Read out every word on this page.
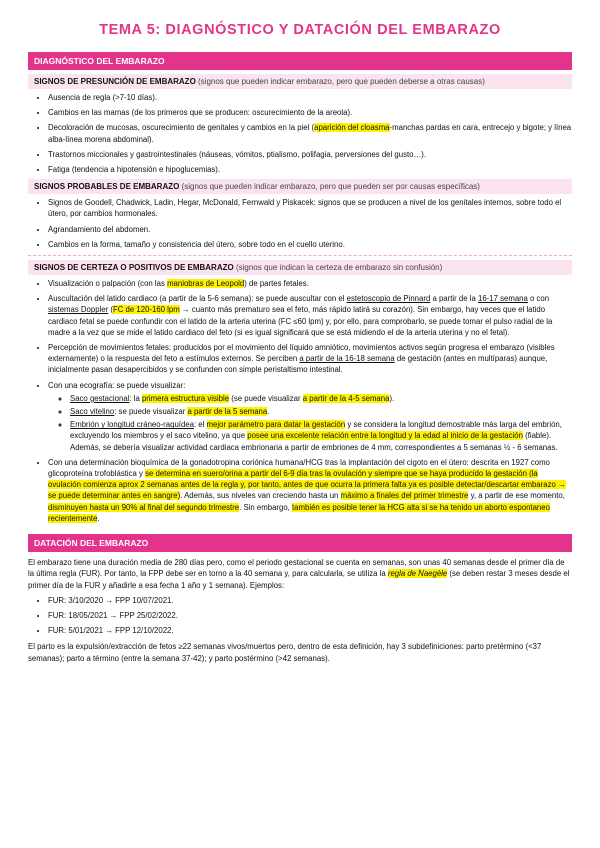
TEMA 5: DIAGNÓSTICO Y DATACIÓN DEL EMBARAZO
DIAGNÓSTICO DEL EMBARAZO
SIGNOS DE PRESUNCIÓN DE EMBARAZO (signos que pueden indicar embarazo, pero que pueden deberse a otras causas)
• Ausencia de regla (>7-10 días).
• Cambios en las mamas (de los primeros que se producen: oscurecimiento de la areola).
• Decoloración de mucosas, oscurecimiento de genitales y cambios en la piel (aparición del cloasma-manchas pardas en cara, entrecejo y bigote; y línea alba-línea morena abdominal).
• Trastornos miccionales y gastrointestinales (náuseas, vómitos, ptialismo, polifagia, perversiones del gusto…).
• Fatiga (tendencia a hipotensión e hipoglucemias).
SIGNOS PROBABLES DE EMBARAZO (signos que pueden indicar embarazo, pero que pueden ser por causas específicas)
• Signos de Goodell, Chadwick, Ladin, Hegar, McDonald, Fernwald y Piskacek: signos que se producen a nivel de los genitales internos, sobre todo el útero, por cambios hormonales.
• Agrandamiento del abdomen.
• Cambios en la forma, tamaño y consistencia del útero, sobre todo en el cuello uterino.
SIGNOS DE CERTEZA O POSITIVOS DE EMBARAZO (signos que indican la certeza de embarazo sin confusión)
• Visualización o palpación (con las maniobras de Leopold) de partes fetales.
• Auscultación del latido cardiaco (a partir de la 5-6 semana): se puede auscultar con el estetoscopio de Pinnard a partir de la 16-17 semana o con sistemas Doppler (FC de 120-160 lpm → cuanto más prematuro sea el feto, más rápido latirá su corazón). Sin embargo, hay veces que el latido cardiaco fetal se puede confundir con el latido de la arteria uterina (FC ≤60 lpm) y, por ello, para comprobarlo, se puede tomar el pulso radial de la madre a la vez que se mide el latido cardiaco del feto (si es igual significará que se está midiendo el de la arteria uterina y no el fetal).
• Percepción de movimientos fetales: producidos por el movimiento del líquido amniótico, movimientos activos según progresa el embarazo (visibles externamente) o la respuesta del feto a estímulos externos. Se perciben a partir de la 16-18 semana de gestación (antes en multíparas) aunque, inicialmente pasan desapercibidos y se confunden con simple peristaltismo intestinal.
• Con una ecografía: se puede visualizar:
◦ Saco gestacional: la primera estructura visible (se puede visualizar a partir de la 4-5 semana).
◦ Saco vitelino: se puede visualizar a partir de la 5 semana.
◦ Embrión y longitud cráneo-raquídea: el mejor parámetro para datar la gestación y se considera la longitud demostrable más larga del embrión, excluyendo los miembros y el saco vitelino, ya que posee una excelente relación entre la longitud y la edad al inicio de la gestación (fiable). Además, se debería visualizar actividad cardiaca embrionaria a partir de embriones de 4 mm, correspondientes a 5 semanas ½ - 6 semanas.
• Con una determinación bioquímica de la gonadotropina coriónica humana/HCG tras la implantación del cigoto en el útero: descrita en 1927 como glicoproteína trofoblástica y se determina en suero/orina a partir del 6-9 día tras la ovulación y siempre que se haya producido la gestación (la ovulación comienza aprox 2 semanas antes de la regla y, por tanto, antes de que ocurra la primera falta ya es posible detectar/descartar embarazo → se puede determinar antes en sangre). Además, sus niveles van creciendo hasta un máximo a finales del primer trimestre y, a partir de ese momento, disminuyen hasta un 90% al final del segundo trimestre. Sin embargo, también es posible tener la HCG alta si se ha tenido un aborto espontaneo recientemente.
DATACIÓN DEL EMBARAZO

El embarazo tiene una duración media de 280 días pero, como el periodo gestacional se cuenta en semanas, son unas 40 semanas desde el primer día de la última regla (FUR). Por tanto, la FPP debe ser en torno a la 40 semana y, para calcularla, se utiliza la regla de Naegèle (se deben restar 3 meses desde el primer día de la FUR y añadirle a esa fecha 1 año y 1 semana). Ejemplos:

• FUR: 3/10/2020 → FPP 10/07/2021.
• FUR: 18/05/2021 → FPP 25/02/2022.
• FUR: 5/01/2021 → FPP 12/10/2022.

El parto es la expulsión/extracción de fetos ≥22 semanas vivos/muertos pero, dentro de esta definición, hay 3 subdefiniciones: parto pretérmino (<37 semanas); parto a término (entre la semana 37-42); y parto postérmino (>42 semanas).
